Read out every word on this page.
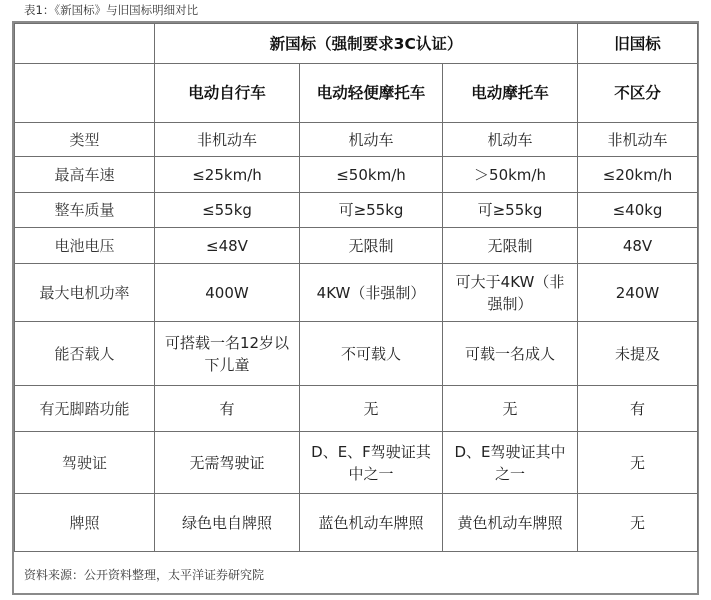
表1：《新国标》与旧国标明细对比
	新国标（强制要求3C认证）			旧国标
	电动自行车	电动轻便摩托车	电动摩托车	不区分
类型	非机动车	机动车	机动车	非机动车
最高车速	≤25km/h	≤50km/h	＞50km/h	≤20km/h
整车质量	≤55kg	可≥55kg	可≥55kg	≤40kg
电池电压	≤48V	无限制	无限制	48V
最大电机功率	400W	4KW（非强制）	可大于4KW（非强制）	240W
能否载人	可搭载一名12岁以下儿童	不可载人	可载一名成人	未提及
有无脚踏功能	有	无	无	有
驾驶证	无需驾驶证	D、E、F驾驶证其中之一	D、E驾驶证其中之一	无
牌照	绿色电自牌照	蓝色机动车牌照	黄色机动车牌照	无
资料来源：公开资料整理，太平洋证券研究院
